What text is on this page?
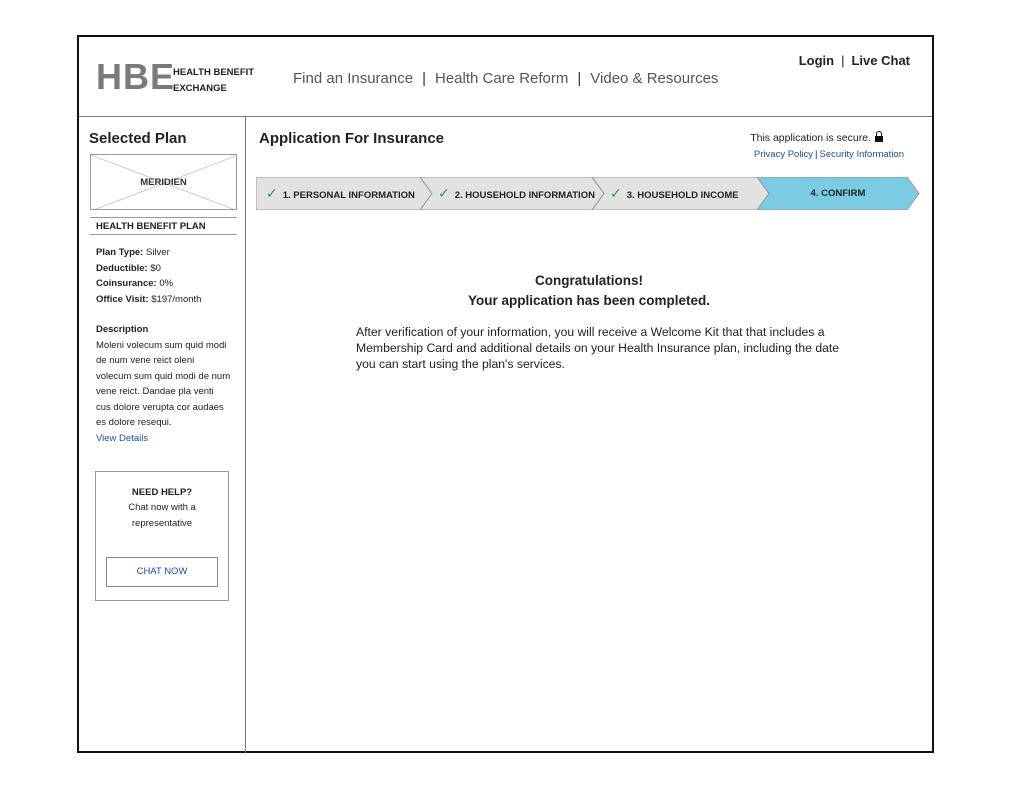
HBE
HEALTH BENEFIT
EXCHANGE
Find an Insurance | Health Care Reform | Video & Resources
Login | Live Chat
Selected Plan
MERIDIEN
HEALTH BENEFIT PLAN
Plan Type: Silver
Deductible: $0
Coinsurance: 0%
Office Visit: $197/month
Description
Moleni volecum sum quid modi de num vene reict oleni volecum sum quid modi de num vene reict. Dandae pla venti cus dolore verupta cor audaes es dolore resequi.
View Details
NEED HELP?
Chat now with a representative
CHAT NOW
Application For Insurance	This application is secure.
Privacy Policy | Security Information
✓ 1. PERSONAL INFORMATION ✓ 2. HOUSEHOLD INFORMATION ✓ 3. HOUSEHOLD INCOME	4. CONFIRM
Congratulations!
Your application has been completed.
After verification of your information, you will receive a Welcome Kit that that includes a Membership Card and additional details on your Health Insurance plan, including the date you can start using the plan's services.
